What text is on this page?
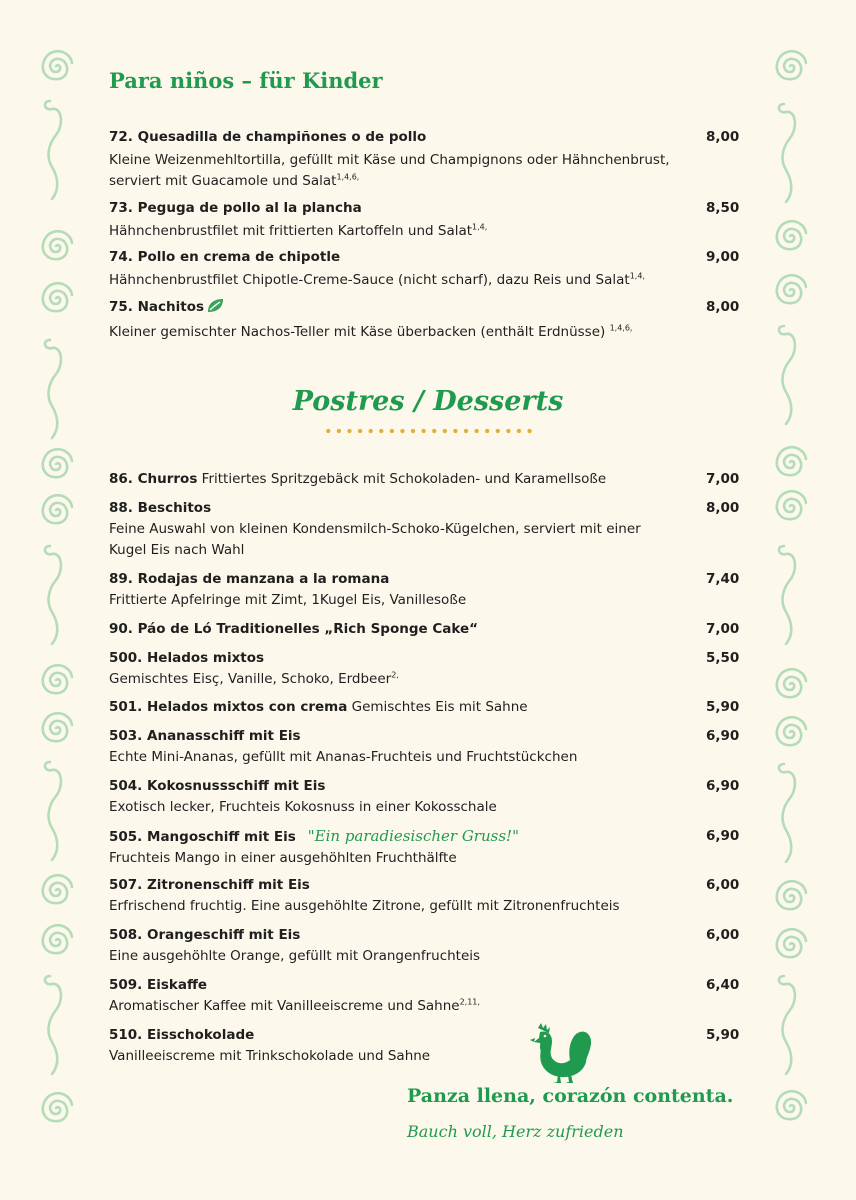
Para niños – für Kinder
72. Quesadilla de champiñones o de pollo	8,00
Kleine Weizenmehltortilla, gefüllt mit Käse und Champignons oder Hähnchenbrust, serviert mit Guacamole und Salat$^{1,4,6,}$
73. Peguga de pollo al la plancha	8,50
Hähnchenbrustfilet mit frittierten Kartoffeln und Salat$^{1,4,}$
74. Pollo en crema de chipotle	9,00
Hähnchenbrustfilet Chipotle-Creme-Sauce (nicht scharf), dazu Reis und Salat$^{1,4,}$
75. Nachitos	8,00
Kleiner gemischter Nachos-Teller mit Käse überbacken (enthält Erdnüsse) $^{1,4,6,}$
Postres / Desserts
86. Churros Frittiertes Spritzgebäck mit Schokoladen- und Karamellsoße	7,00
88. Beschitos	8,00
Feine Auswahl von kleinen Kondensmilch-Schoko-Kügelchen, serviert mit einer Kugel Eis nach Wahl
89. Rodajas de manzana a la romana	7,40
Frittierte Apfelringe mit Zimt, 1Kugel Eis, Vanillesoße
90. Páo de Ló Traditionelles „Rich Sponge Cake“	7,00
500. Helados mixtos	5,50
Gemischtes Eisç, Vanille, Schoko, Erdbeer$^{2,}$
501. Helados mixtos con crema Gemischtes Eis mit Sahne	5,90
503. Ananasschiff mit Eis	6,90
Echte Mini-Ananas, gefüllt mit Ananas-Fruchteis und Fruchtstückchen
504. Kokosnussschiff mit Eis	6,90
Exotisch lecker, Fruchteis Kokosnuss in einer Kokosschale
505. Mangoschiff mit Eis "Ein paradiesischer Gruss!"	6,90
Fruchteis Mango in einer ausgehöhlten Fruchthälfte
507. Zitronenschiff mit Eis	6,00
Erfrischend fruchtig. Eine ausgehöhlte Zitrone, gefüllt mit Zitronenfruchteis
508. Orangeschiff mit Eis	6,00
Eine ausgehöhlte Orange, gefüllt mit Orangenfruchteis
509. Eiskaffe	6,40
Aromatischer Kaffee mit Vanilleeiscreme und Sahne$^{2,11,}$
510. Eisschokolade	5,90
Vanilleeiscreme mit Trinkschokolade und Sahne
Panza llena, corazón contenta.
Bauch voll, Herz zufrieden
